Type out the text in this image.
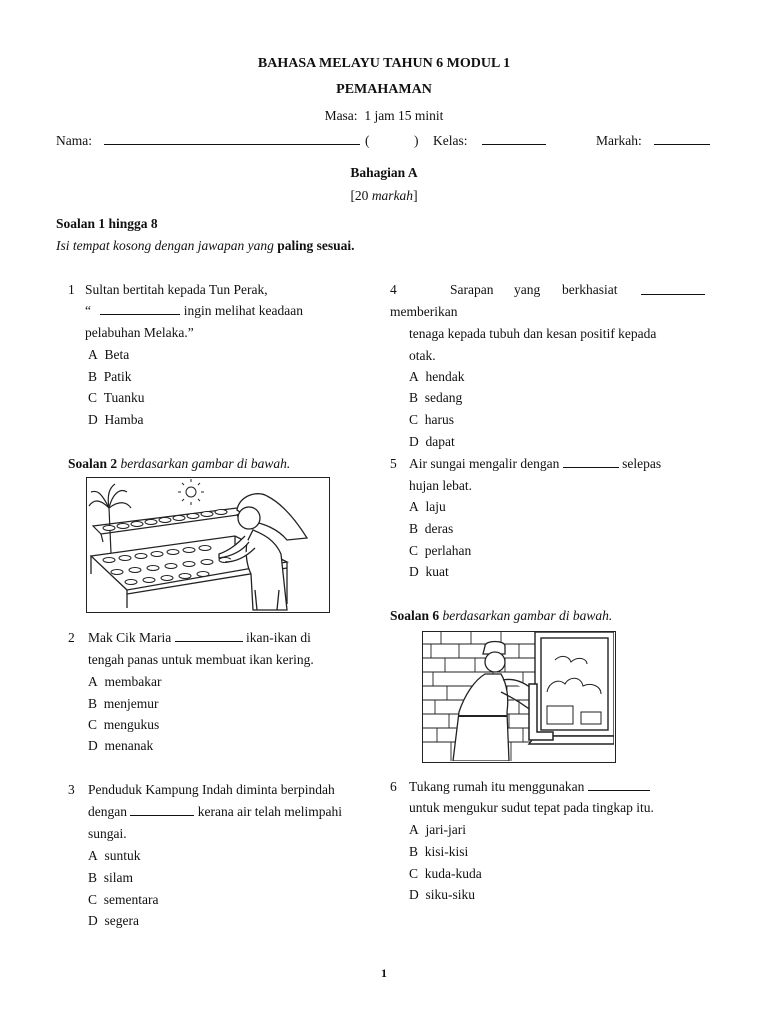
BAHASA MELAYU TAHUN 6 MODUL 1
PEMAHAMAN
Masa: 1 jam 15 minit
Nama:	(	) Kelas:	Markah:
Bahagian A
[20 markah]
Soalan 1 hingga 8
Isi tempat kosong dengan jawapan yang paling sesuai.
1 Sultan bertitah kepada Tun Perak,
“	ingin melihat keadaan
pelabuhan Melaka.”
A Beta
B Patik
C Tuanku
D Hamba
Soalan 2 berdasarkan gambar di bawah.
2 Mak Cik Maria	ikan-ikan di
tengah panas untuk membuat ikan kering.
A membakar
B menjemur
C mengukus
D menanak
3 Penduduk Kampung Indah diminta berpindah
dengan	kerana air telah melimpahi
sungai.
A suntuk
B silam
C sementara
D segera
4	Sarapan yang berkhasiat
memberikan
tenaga kepada tubuh dan kesan positif kepada
otak.
A hendak
B sedang
C harus
D dapat
5 Air sungai mengalir dengan	selepas
hujan lebat.
A laju
B deras
C perlahan
D kuat
Soalan 6 berdasarkan gambar di bawah.
6 Tukang rumah itu menggunakan
untuk mengukur sudut tepat pada tingkap itu.
A jari-jari
B kisi-kisi
C kuda-kuda
D siku-siku
1
